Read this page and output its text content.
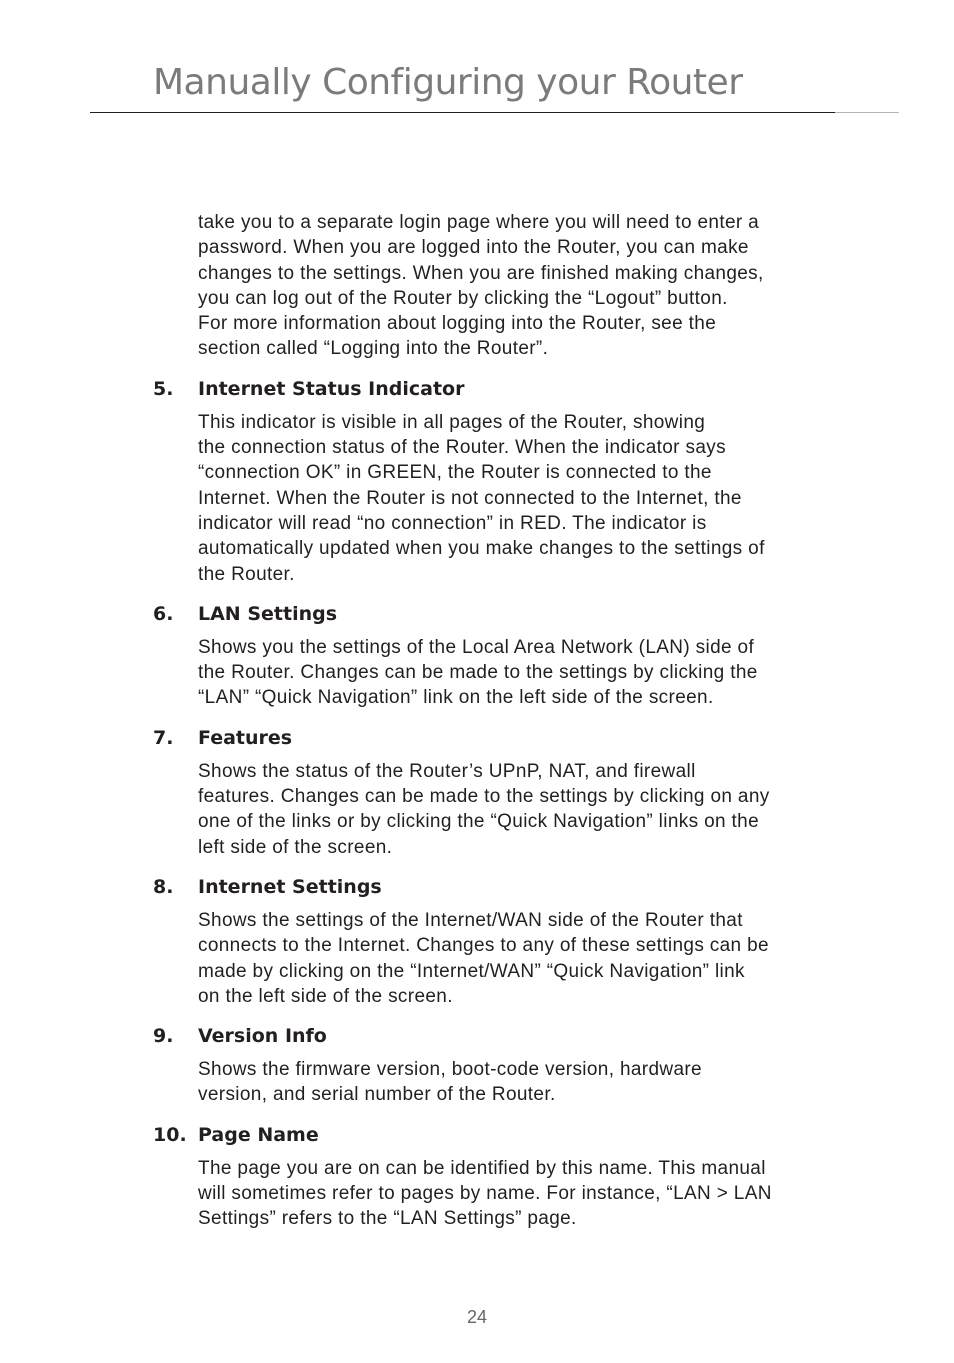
Manually Configuring your Router

take you to a separate login page where you will need to enter a
password. When you are logged into the Router, you can make
changes to the settings. When you are finished making changes,
you can log out of the Router by clicking the “Logout” button.
For more information about logging into the Router, see the
section called “Logging into the Router”.

5.	Internet Status Indicator

This indicator is visible in all pages of the Router, showing
the connection status of the Router. When the indicator says
“connection OK” in GREEN, the Router is connected to the
Internet. When the Router is not connected to the Internet, the
indicator will read “no connection” in RED. The indicator is
automatically updated when you make changes to the settings of
the Router.

6.	LAN Settings

Shows you the settings of the Local Area Network (LAN) side of
the Router. Changes can be made to the settings by clicking the
“LAN” “Quick Navigation” link on the left side of the screen.

7.	Features

Shows the status of the Router’s UPnP, NAT, and firewall
features. Changes can be made to the settings by clicking on any
one of the links or by clicking the “Quick Navigation” links on the
left side of the screen.

8.	Internet Settings

Shows the settings of the Internet/WAN side of the Router that
connects to the Internet. Changes to any of these settings can be
made by clicking on the “Internet/WAN” “Quick Navigation” link
on the left side of the screen.

9.	Version Info

Shows the firmware version, boot-code version, hardware
version, and serial number of the Router.

10. Page Name

The page you are on can be identified by this name. This manual
will sometimes refer to pages by name. For instance, “LAN > LAN
Settings” refers to the “LAN Settings” page.

24
